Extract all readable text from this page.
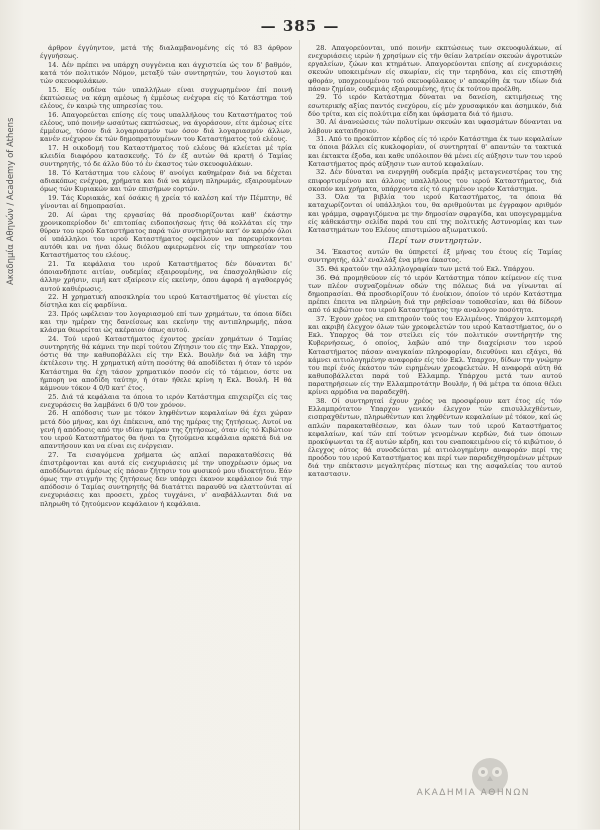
— 385 —
Ακαδημία Αθηνών / Academy of Athens

άρθρον έγγύηντον, μετά τής διαλαμβανομένης είς τό 83 άρθρον έγγυήσεως.

14. Δέν πρέπει να υπάρχη συγγένεια και άγχιστεία ώς τον δ' βαθμόν, κατά τόν πολιτικόν Νόμον, μεταξύ τών συντηρητών, του λογιστού και τών σκευοφυλάκων.

15. Είς ουδένα τών υπαλλήλων είναι συγχωρημένον έπί ποινή έκπτώσεως να κάμη αμέσως ή έμμέσως ενέχυρα είς τό Κατάστημα τού ελέους, έν καιρώ της υπηρεσίας του.

16. Απαγορεύεται επίσης είς τους υπαλλήλους του Καταστήματος τού ελέους, υπό ποινήν ωσαύτως εκπτώσεως, να άγοράσουν, είτε άμέσως είτε έμμέσως, τόσον διά λογαριασμόν των όσον διά λογαριασμόν άλλων, κανέν ενέχυρον έκ τών δημοπρατουμένων του Καταστήματος τού ελέους.

17. Η οικοδομή του Καταστήματος τού ελέους θά κλείεται μέ τρία κλειδία διαφόρου κατασκευής. Τό έν έξ αυτών θά κρατή ό Ταμίας συντηρητής, τό δε άλλο δύο τό έν έκαστος τών σκευοφυλάκων.

18. Τό Κατάστημα του ελέους θ' ανοίγει καθημέραν διά να δέχεται αδιακόπως ενέχυρα, χρήματα και διά να κάμνη πληρωμάς, εξαιρουμένων όμως τών Κυριακών και τών επισήμων εορτών.

19. Τάς Κυριακάς, καί όσάκις ή χρεία τό καλέση καί τήν Πέμπτην, θέ γίνονται αί δημοπρασίαι.

20. Αί ώραι της εργασίας θά προσδιορίζονται καθ' έκάστην χρονικοπερίοδον δι' επιτοπίας ειδοποιήσεως ήτις θά κολλάται είς την θύραν του ιερού Καταστήματος παρά τών συντηρητών κατ' όν καιρόν όλοι οί υπάλληλοι του ιερού Καταστήματος οφείλουν να παρευρίσκονται αυτόθι και να ήναι όλως διόλου αφιερωμένοι είς την υπηρεσίαν του Καταστήματος του ελέους.

21. Τα κεφάλαια του ιερού Καταστήματος δέν δύνανται δι' όποιανδήποτε αιτίαν, ουδεμίας εξαιρουμένης, να έπασχοληθώσιν είς άλλην χρήσιν, ειμή κατ εξαίρεσιν είς εκείνην, όπου άφορά ή αγαθοεργός αυτού καθιέρωσις.

22. Η χρηματική αποσκληρία του ιερού Καταστήματος θέ γίνεται είς δίστηλα και είς φαρδίνια.

23. Πρός ωφέλειαν του λογαριασμού επί των χρημάτων, τα όποια δίδει και την ημέραν της δανείσεως και εκείνην της αντιπληρωμής, πάσα κλάσμα θεωρείται ώς ακέραιον όπως αυτού.

24. Τού ιερού Καταστήματος έχοντος χρείαν χρημάτων ό Ταμίας συντηρητής θά κάμνει την περί τούτου Ζήτησιν του είς την Εκλ. Υπαρχον, όστις θά την καθυποβάλλει είς την Εκλ. Βουλήν διά να λάβη την έκτέλεσιν της. Η χρηματική αύτη ποσότης θά αποδίδεται ή όταν τό ιερόν Κατάστημα θα έχη τάσον χρηματικόν ποσόν είς τό τάμειον, όστε να ήμπορη να αποδίδη ταύτην, ή όταν ήθελε κρίνη η Εκλ. Βουλή. Η θά κάμνουν τόκον 4 0/0 κατ' έτος.

25. Διά τά κεφάλαια τα όποια το ιερόν Κατάστημα επιχειρίζει είς τας ενεχυράσεις θα λαμβάνει 6 0/0 τον χρόνον.

26. Η απόδοσις των με τόκον ληφθέντων κεφαλαίων θά έχει χώραν μετά δύο μήνας, και όχι έπέκεινα, από της ημέρας της ζητήσεως. Αυτοί να γενή ή απόδοσις από την ιδίαν ημέραν της ζητήσεως, όταν είς τό Κιβώτιον του ιερού Καταστήματος θα ήναι τα ζητούμενα κεφάλαια αρκετά διά να απαντήσουν και να είναι εις ενέργειαν.

27. Τα εισαγόμενα χρήματα ώς απλαί παρακαταθέσεις θά έπιστρέφονται και αυτά είς ενεχυριάσεις μέ την υποχρέωσιν όμως να αποδίδωνται άμέσως είς πάσαν ζήτησιν του φυσικού μου ιδιοκτήτου. Εάν όμως την στιγμήν της ζητήσεως δεν υπάρχει έκανον κεφάλαιον διά την απόδοσιν ό Ταμίας συντηρητής θά διατάττει παραυθύ να ελαττούνται αί ενεχυριάσεις και προσετι, χρέος τυγχάνει, ν' αναβάλλωνται διά να πληρωθη τό ζητούμενον κεφάλαιον ή κεφάλαια.

28. Απαγορεύονται, υπό ποινήν εκπτώσεως των σκευοφυλάκων, αί ενεχυριάσεις ιερών ή χρησίμων είς τήν θείαν λατρείαν σκευών άγροτικών εργαλείων, ζώων και κτημάτων. Απαγορεύονται επίσης αί ενεχυριάσεις σκευών υποκειμένων είς σκωρίαν, είς την τερηδόνα, και είς επιστηθή φθοράν, υποχρεουμένου τού σκευοφύλακος ν' αποκρίθη έκ των ιδίων διά πάσαν ζημίαν, ουδεμιάς εξαιρουμένης, ήτις έκ τούτου προέλθη.

29. Τό ιερόν Κατάστημα δύναται να δανείση, εκτιμήσεως της εσωτερικής αξίας παντός ενεχύρου, είς μέν χρυσαφικόν και άσημικόν, διά δύο τρίτα, και είς πολύτιμα είδη και ύφάσματα διά τό ήμισυ.

30. Αί άνανεώσεις τών πολυτίμων σκευών και υφασμάτων δύνανται να λάβουν καταιδησιον.

31. Από το προκύπτον κέρδος είς τό ιερόν Κατάστημα έκ των κεφαλαίων τα όποια βάλλει είς κυκλοφορίαν, οί συντηρηταί θ' απαντών τα τακτικά και έκτακτα έξοδα, και καθε υπόλοιπον θά μένει είς αύξησιν των του ιερού Καταστήματος πρός αύξησιν των αυτού κεφαλαίων.

32. Δέν δύναται να ενεργηθή ουδεμία πράξις μεταγενεστέρας του της επιφορτισμένου και άλλους υπαλλήλους του ιερού Καταστήματος, διά σκοπόν και χρήματα, υπάρχοντα είς τό ειρημένον ιερόν Κατάστημα.

33. Όλα τα βιβλία του ιερού Καταστήματος, τα όποια θά καταχωρίζονται οί υπάλληλοι του, θα αριθμούνται με έγγραφον αριθμόν και γράμμα, σφραγιζόμενα με την δημοσίαν σφραγίδα, και υπογεγραμμένα είς κάθεκάστην σελίδα παρά του επί της πολιτικής Αστυνομίας και των Καταστημάτων του Ελέους επιστιμώου αξιωματικού.

Περί των συντηρητών.

34. Έκαστος αυτών θα ύπηρετεί έξ μήνας του έτους είς Ταμίας συντηρητής, άλλ' εναλλάξ ένα μήνα έκαστος.

35. Θά κρατούν την αλληλογραφίαν των μετά τού Εκλ. Υπάρχου.

36. Θά προμηθεύουν είς τό ιερόν Κατάστημα τόπον κείμενον είς τινα των πλέον συχναζομένων οδών της πόλεως διά να γίνωνται αί δημοπρασίαι. Θά προσδιορίζουν τό ένοίκιον, όποίον τό ιερόν Κατάστημα πρέπει έπειτα να πληρώνη διά την ρηθείσαν τοποθεσίαν, και θά δίδουν από τό κιβώτιον του ιερού Καταστήματος την αναλογον ποσότητα.

37. Έχουν χρέος να επιτηρούν τούς του Ελλιμένος. Υπάρχον λεπτομερή και ακριβή έλεγχον όλων τών χρεοφελετών του ιερού Καταστήματος, όν ο Εκλ. Υπαρχος θά τον στείλει είς τόν πολιτικόν συντήρητήν της Κυβερνήσεως, ό οποίος, λαβών από την διαχείρισιν του ιερού Καταστήματος πάσαν αναγκαίαν πληροφορίαν, διευθύνει και εξάγει, θά κάμνει αιτιολογημένην αναφοράν είς τόν Εκλ. Υπαρχον, δίδων την γνώμην του περί ένός έκάστου τών ειρημένων χρεοφελετών. Η αναφορά αύτη θά καθυποβάλλεται παρά τού Ελλαμπρ. Υπάρχου μετά των αυτού παρατηρήσεων είς την Ελλαμπροτάτην Βουλήν, ή θά μέτρα τα όποια θέλει κρίνει αρμόδια να παραδεχθή.

38. Οί συντηρηταί έχουν χρέος να προσφέρουν κατ έτος είς τόν Ελλαμπρότατον Υπαρχον γενικόν έλεγχον τών επισυλλεχθέντων, εισπραχθέντων, πληρωθέντων και ληφθέντων κεφαλαίων μέ τόκον, καί ώς απλών παρακαταθέσεων, και όλων των τού ιερού Καταστήματος κεφαλαίων, καί τών επί τούτων γενομένων κερδών, διά των όποιων προκύψωνται τα έξ αυτών κέρδη, και του εναποκειμένου είς τό κιβώτιον, ό έλεγχος ούτος θά συνοδεύεται μέ αιτιολογημένην αναφοράν περί της προόδου του ιερού Καταστήματος και περί των παραδεχθησομένων μέτρων διά την επέκτασιν μεγαλητέρας πίστεως και της ασφαλείας του αυτού καταστασιν.

ΑΚΑΔΗΜΙΑ ΑΘΗΝΩΝ
